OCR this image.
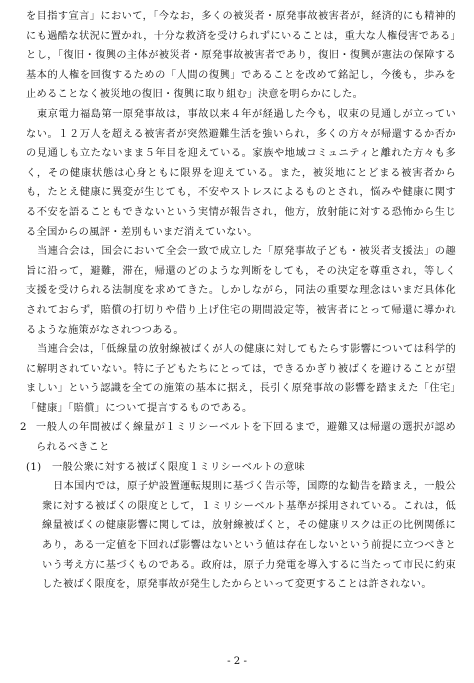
を目指す宣言」において，「今なお，多くの被災者・原発事故被害者が，経済的にも精神的にも過酷な状況に置かれ，十分な救済を受けられずにいることは，重大な人権侵害である」とし，「復旧・復興の主体が被災者・原発事故被害者であり，復旧・復興が憲法の保障する基本的人権を回復するための「人間の復興」であることを改めて銘記し，今後も，歩みを止めることなく被災地の復旧・復興に取り組む」決意を明らかにした。

東京電力福島第一原発事故は，事故以来４年が経過した今も，収束の見通しが立っていない。１２万人を超える被害者が突然避難生活を強いられ，多くの方々が帰還するか否かの見通しも立たないまま５年目を迎えている。家族や地域コミュニティと離れた方々も多く，その健康状態は心身ともに限界を迎えている。また，被災地にとどまる被害者からも，たとえ健康に異変が生じても，不安やストレスによるものとされ，悩みや健康に関する不安を語ることもできないという実情が報告され，他方，放射能に対する恐怖から生じる全国からの風評・差別もいまだ消えていない。

当連合会は，国会において全会一致で成立した「原発事故子ども・被災者支援法」の趣旨に沿って，避難，滞在，帰還のどのような判断をしても，その決定を尊重され，等しく支援を受けられる法制度を求めてきた。しかしながら，同法の重要な理念はいまだ具体化されておらず，賠償の打切りや借り上げ住宅の期間設定等，被害者にとって帰還に導かれるような施策がなされつつある。

当連合会は，「低線量の放射線被ばくが人の健康に対してもたらす影響については科学的に解明されていない。特に子どもたちにとっては，できるかぎり被ばくを避けることが望ましい」という認識を全ての施策の基本に据え，長引く原発事故の影響を踏まえた「住宅」「健康」「賠償」について提言するものである。

2 一般人の年間被ばく線量が１ミリシーベルトを下回るまで，避難又は帰還の選択が認められるべきこと
(1)　一般公衆に対する被ばく限度１ミリシーベルトの意味

日本国内では，原子炉設置運転規則に基づく告示等，国際的な勧告を踏まえ，一般公衆に対する被ばくの限度として，１ミリシーベルト基準が採用されている。これは，低線量被ばくの健康影響に関しては，放射線被ばくと，その健康リスクは正の比例関係にあり，ある一定値を下回れば影響はないという値は存在しないという前提に立つべきという考え方に基づくものである。政府は，原子力発電を導入するに当たって市民に約束した被ばく限度を，原発事故が発生したからといって変更することは許されない。

- 2 -
